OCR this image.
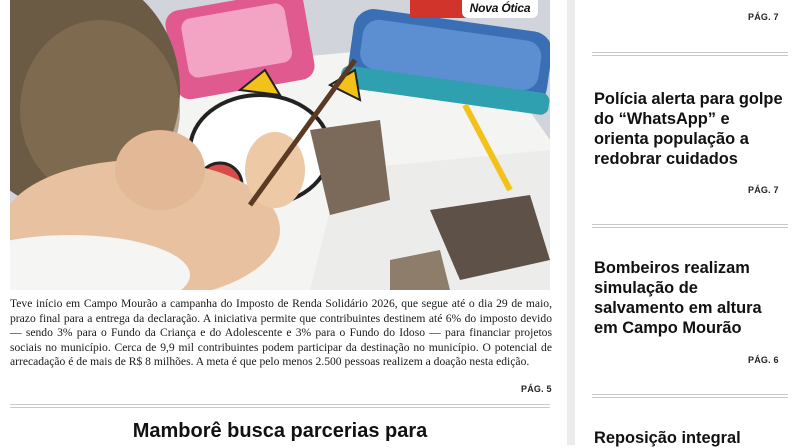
Nova Ótica

Teve início em Campo Mourão a campanha do Imposto de Renda Solidário 2026, que segue até o dia 29 de maio, prazo final para a entrega da declaração. A iniciativa permite que contribuintes destinem até 6% do imposto devido — sendo 3% para o Fundo da Criança e do Adolescente e 3% para o Fundo do Idoso — para financiar projetos sociais no município. Cerca de 9,9 mil contribuintes podem participar da destinação no município. O potencial de arrecadação é de mais de R$ 8 milhões. A meta é que pelo menos 2.500 pessoas realizem a doação nesta edição.

PÁG. 5
Mamborê busca parcerias para
PÁG. 7
Polícia alerta para golpe do “WhatsApp” e orienta população a redobrar cuidados
PÁG. 7
Bombeiros realizam simulação de salvamento em altura em Campo Mourão
PÁG. 6
Reposição integral
